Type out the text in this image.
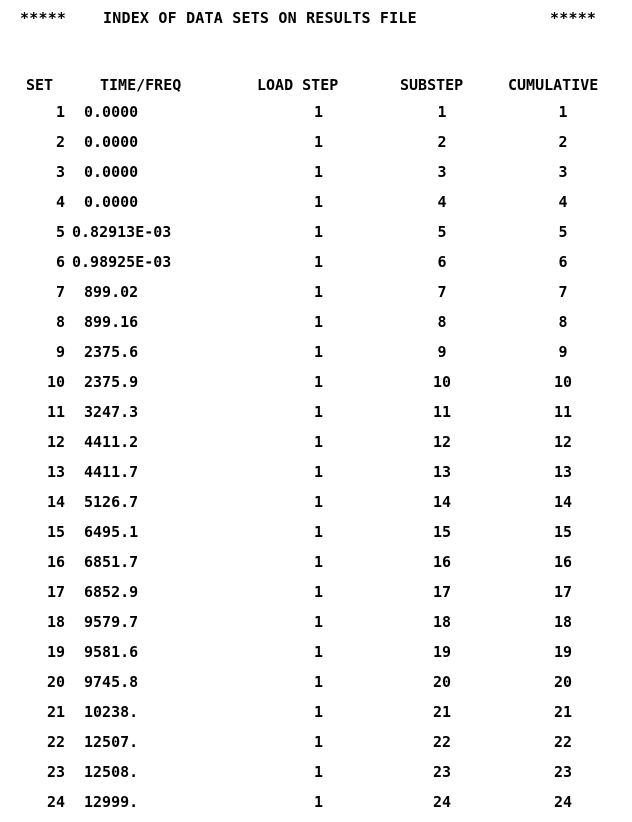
*****

INDEX OF DATA SETS ON RESULTS FILE

	*****

SET	TIME/FREQ	LOAD STEP	SUBSTEP	CUMULATIVE
1 0.0000	1	1	1
2 0.0000	1	2	2
3 0.0000	1	3	3
4 0.0000	1	4	4
5 0.82913E-03	1	5	5
6 0.98925E-03	1	6	6
7 899.02	1	7	7
8 899.16	1	8	8
9 2375.6	1	9	9
10 2375.9	1	10	10
11 3247.3	1	11	11
12 4411.2	1	12	12
13 4411.7	1	13	13
14 5126.7	1	14	14
15 6495.1	1	15	15
16 6851.7	1	16	16
17 6852.9	1	17	17
18 9579.7	1	18	18
19 9581.6	1	19	19
20 9745.8	1	20	20
21 10238.	1	21	21
22 12507.	1	22	22
23 12508.	1	23	23
24 12999.	1	24	24
